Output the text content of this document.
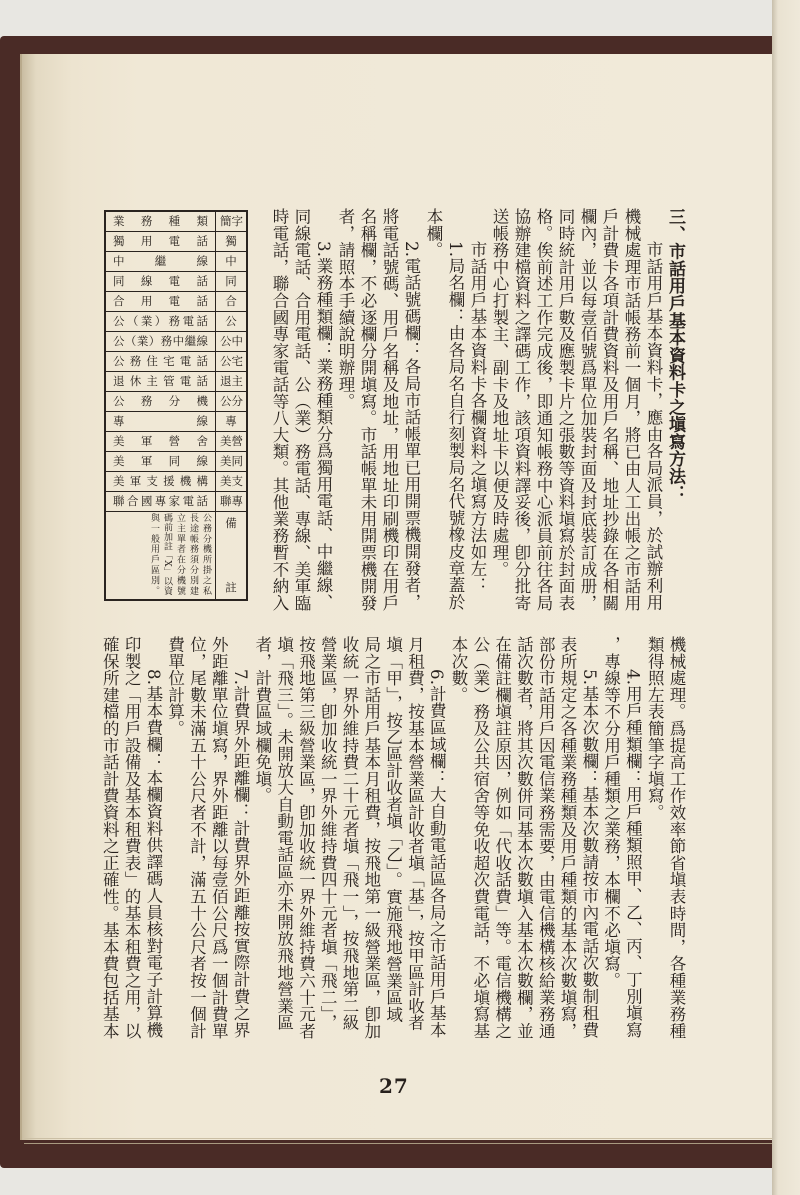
三、市話用戶基本資料卡之塡寫方法：
市話用戶基本資料卡，應由各局派員，於試辦利用
機械處理市話帳務前一個月，將已由人工出帳之市話用
戶計費卡各項計費資料及用戶名稱、地址抄錄在各相關
欄內，並以每壹佰號爲單位加裝封面及封底裝訂成册，
同時統計用戶數及應製卡片之張數等資料塡寫於封面表
格。俟前述工作完成後，即通知帳務中心派員前往各局
協辦建檔資料之譯碼工作，該項資料譯妥後，卽分批寄
送帳務中心打製主、副卡及地址卡以便及時處理。
市話用戶基本資料卡各欄資料之塡寫方法如左：
1.局名欄：由各局名自行刻製局名代號橡皮章蓋於
本欄。
2.電話號碼欄：各局市話帳單已用開票機開發者，
將電話號碼、用戶名稱及地址，用地址印刷機印在用戶
名稱欄，不必逐欄分開塡寫。市話帳單未用開票機開發
者，請照本手續說明辦理。
3.業務種類欄：業務種類分爲獨用電話、中繼線、
同線電話、合用電話、公（業）務電話、專線、美軍臨
時電話，聯合國專家電話等八大類。其他業務暫不納入
業務種類	簡字
獨用電話	獨
中繼線	中
同線電話	同
合用電話	合
公（業）務電話	公
公（業）務中繼線	公中
公務住宅電話	公宅
退休主管電話	退主
公務分機	公分
專線	專
美軍營舍	美營
美軍同線	美同
美軍支援機構	美支
聯合國專家電話	聯專

公務分機所掛之私
長途帳務須分別建
立主單者在分機號
碼前加註「X」以資
與一般用戶區別。	備註
機械處理。爲提高工作效率節省塡表時間，各種業務種
類得照左表簡筆字塡寫。
4.用戶種類欄：用戶種類照甲、乙、丙、丁別塡寫
，專線等不分用戶種類之業務，本欄不必塡寫。
5.基本次數欄：基本次數請按市內電話次數制租費
表所規定之各種業務種類及用戶種類的基本次數塡寫，
部份市話用戶因電信業務需要，由電信機構核給業務通
話次數者，將其次數併同基本次數塡入基本次數欄，並
在備註欄塡註原因，例如「代收話費」等。電信機構之
公（業）務及公共宿舍等免收超次費電話，不必塡寫基
本次數。
6.計費區域欄：大自動電話區各局之市話用戶基本
月租費，按基本營業區計收者塡「基」，按甲區計收者
塡「甲」，按乙區計收者塡「乙」。實施飛地營業區域
局之市話用戶基本月租費，按飛地第一級營業區，卽加
收統一界外維持費二十元者塡「飛一」，按飛地第二級
營業區，卽加收統一界外維持費四十元者塡「飛二」，
按飛地第三級營業區，卽加收統一界外維持費六十元者
塡「飛三」。未開放大自動電話區亦未開放飛地營業區
者，計費區域欄免塡。
7.計費界外距離欄：計費界外距離按實際計費之界
外距離單位塡寫，界外距離以每壹佰公尺爲一個計費單
位，尾數未滿五十公尺者不計，滿五十公尺者按一個計
費單位計算。
8.基本費欄：本欄資料供譯碼人員核對電子計算機
印製之「用戶設備及基本租費表」的基本租費之用，以
確保所建檔的市話計費資料之正確性。基本費包括基本
27
